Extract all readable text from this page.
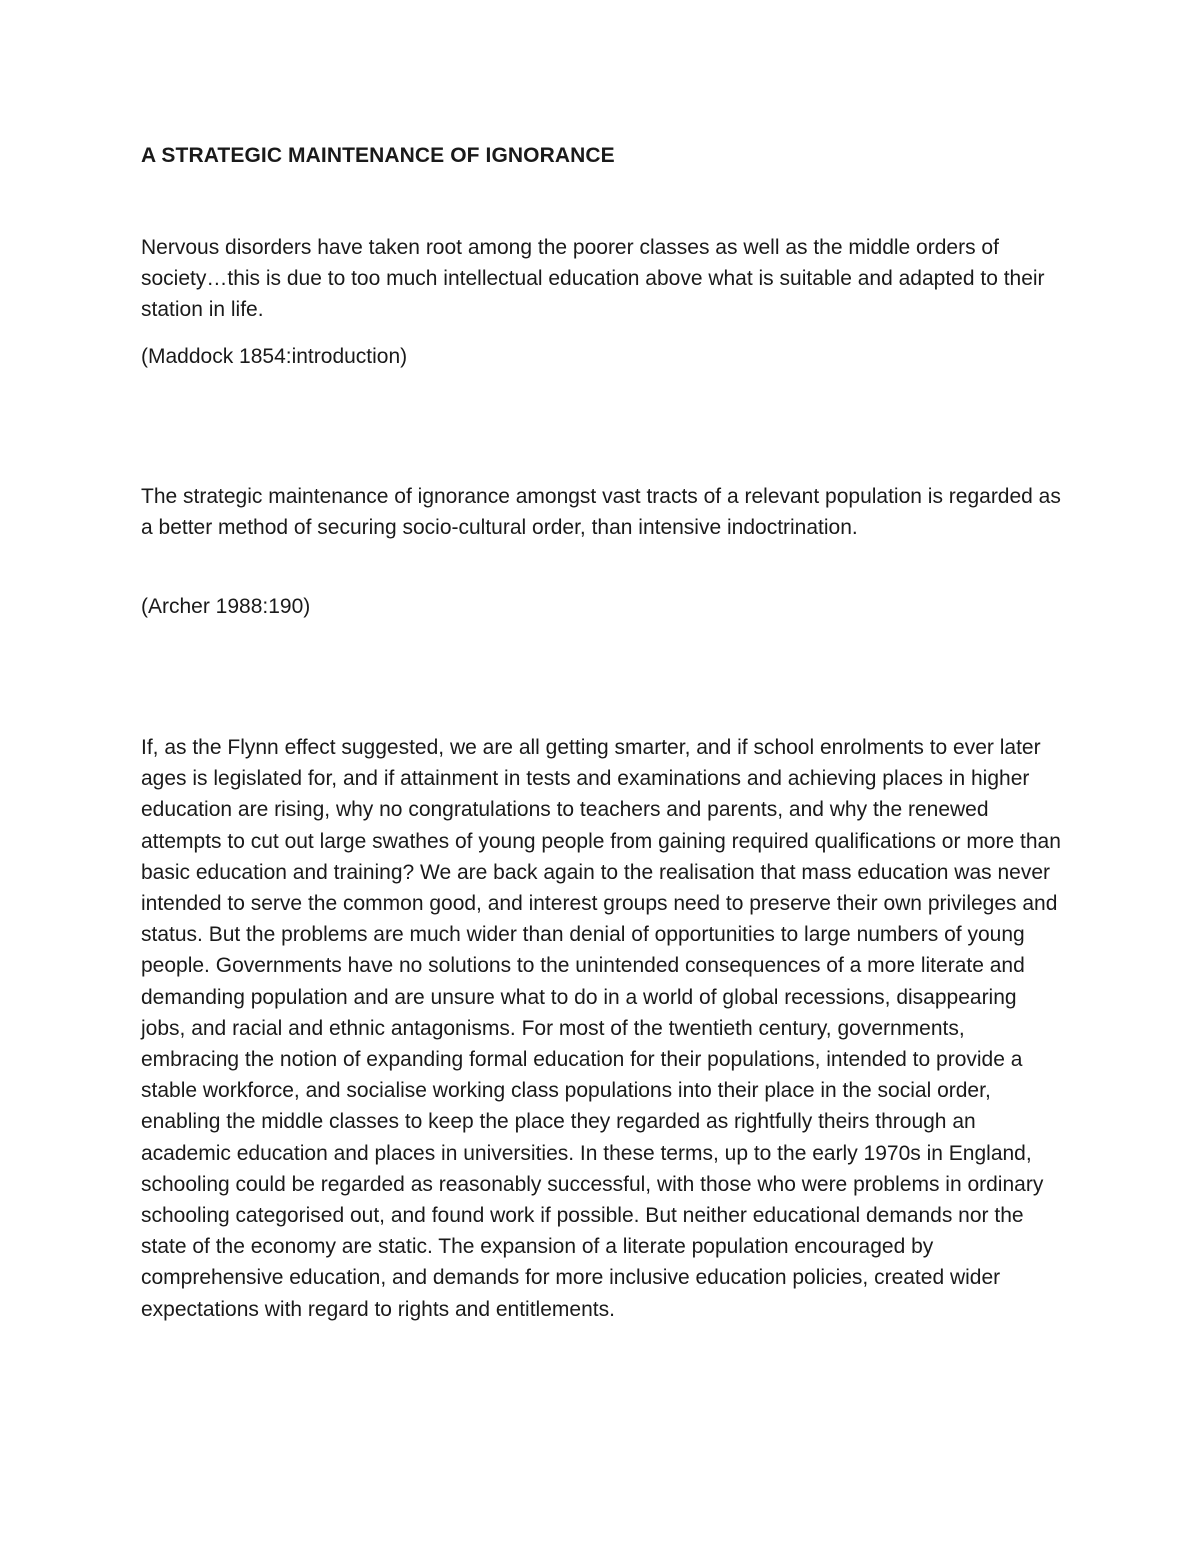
A STRATEGIC MAINTENANCE OF IGNORANCE

Nervous disorders have taken root among the poorer classes as well as the middle orders of society…this is due to too much intellectual education above what is suitable and adapted to their station in life.

(Maddock 1854:introduction)

The strategic maintenance of ignorance amongst vast tracts of a relevant population is regarded as a better method of securing socio-cultural order, than intensive indoctrination.

(Archer 1988:190)

If, as the Flynn effect suggested, we are all getting smarter, and if school enrolments to ever later ages is legislated for, and if attainment in tests and examinations and achieving places in higher education are rising, why no congratulations to teachers and parents, and why the renewed attempts to cut out large swathes of young people from gaining required qualifications or more than basic education and training? We are back again to the realisation that mass education was never intended to serve the common good, and interest groups need to preserve their own privileges and status. But the problems are much wider than denial of opportunities to large numbers of young people. Governments have no solutions to the unintended consequences of a more literate and demanding population and are unsure what to do in a world of global recessions, disappearing jobs, and racial and ethnic antagonisms. For most of the twentieth century, governments, embracing the notion of expanding formal education for their populations, intended to provide a stable workforce, and socialise working class populations into their place in the social order, enabling the middle classes to keep the place they regarded as rightfully theirs through an academic education and places in universities. In these terms, up to the early 1970s in England, schooling could be regarded as reasonably successful, with those who were problems in ordinary schooling categorised out, and found work if possible. But neither educational demands nor the state of the economy are static. The expansion of a literate population encouraged by comprehensive education, and demands for more inclusive education policies, created wider expectations with regard to rights and entitlements.
